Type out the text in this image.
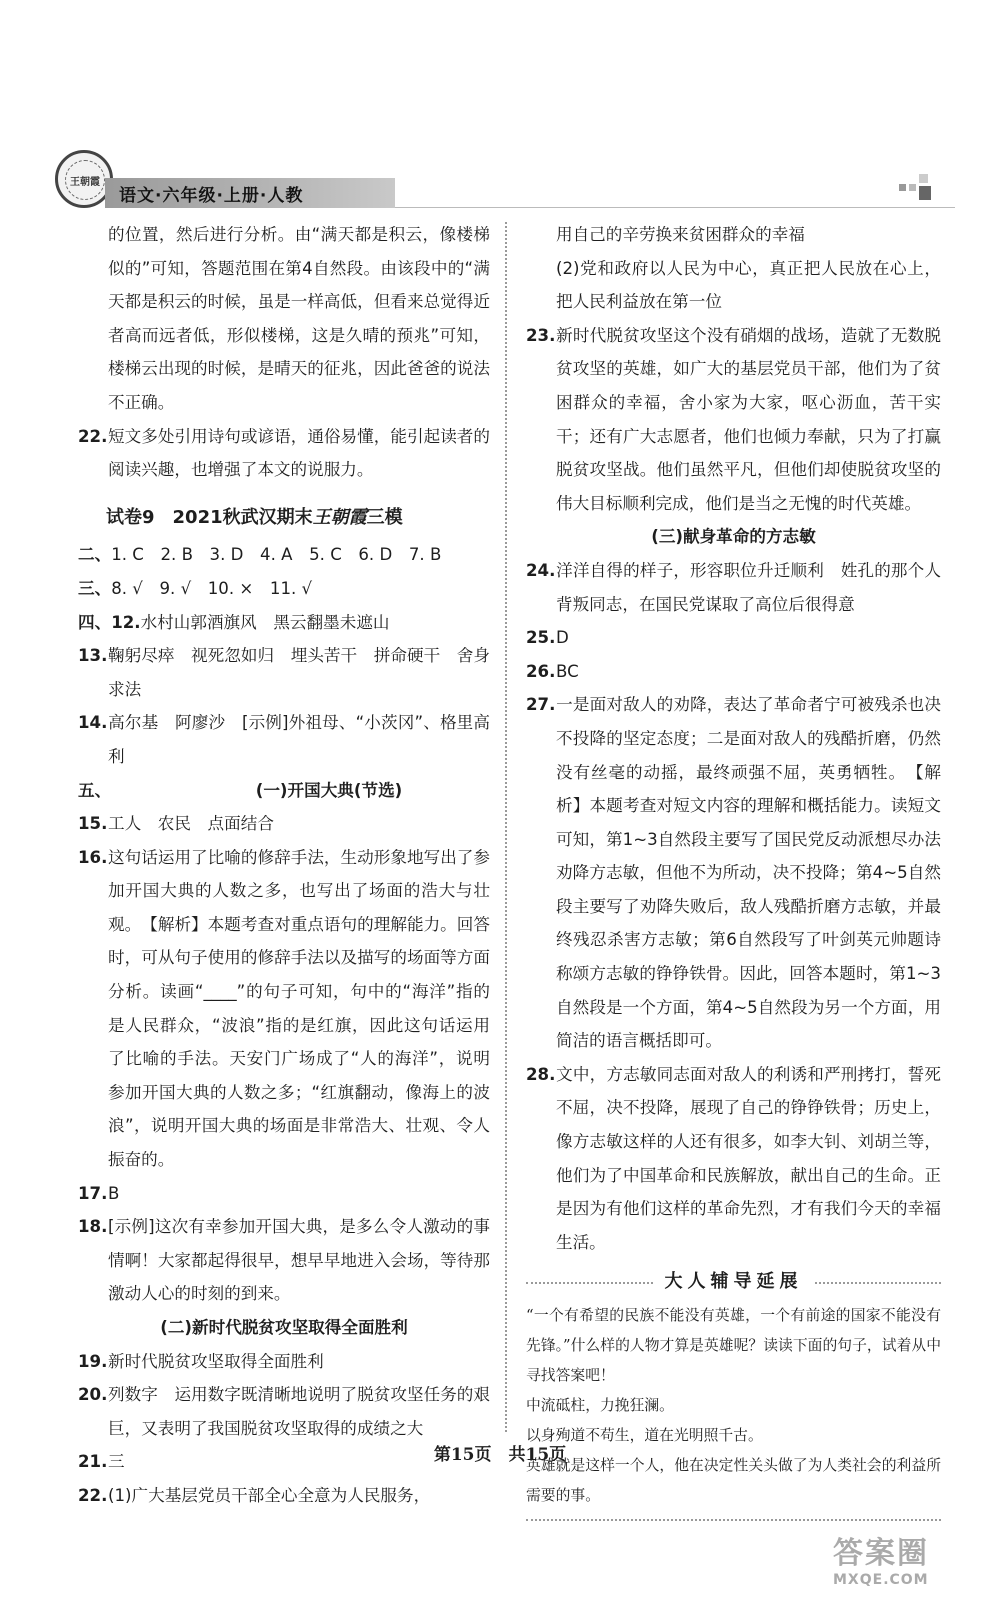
王朝霞
语文·六年级·上册·人教

的位置，然后进行分析。由“满天都是积云，像楼梯似的”可知，答题范围在第4自然段。由该段中的“满天都是积云的时候，虽是一样高低，但看来总觉得近者高而远者低，形似楼梯，这是久晴的预兆”可知，楼梯云出现的时候，是晴天的征兆，因此爸爸的说法不正确。

22.短文多处引用诗句或谚语，通俗易懂，能引起读者的阅读兴趣，也增强了本文的说服力。

试卷9　 2021秋武汉期末王朝霞三模

二、1. C　2. B　3. D　4. A　5. C　6. D　7. B

三、8. √　9. √　10. ×　11. √

四、12.水村山郭酒旗风　黑云翻墨未遮山

13.鞠躬尽瘁　视死忽如归　埋头苦干　拼命硬干　舍身求法

14.高尔基　阿廖沙　[示例]外祖母、“小茨冈”、格里高利

五、	(一)开国大典(节选)

15.工人　农民　点面结合

16.这句话运用了比喻的修辞手法，生动形象地写出了参加开国大典的人数之多，也写出了场面的浩大与壮观。　【解析】本题考查对重点语句的理解能力。回答时，可从句子使用的修辞手法以及描写的场面等方面分析。读画“____”的句子可知，句中的“海洋”指的是人民群众，“波浪”指的是红旗，因此这句话运用了比喻的手法。天安门广场成了“人的海洋”，说明参加开国大典的人数之多；“红旗翻动，像海上的波浪”，说明开国大典的场面是非常浩大、壮观、令人振奋的。

17.B

18.[示例]这次有幸参加开国大典，是多么令人激动的事情啊！大家都起得很早，想早早地进入会场，等待那激动人心的时刻的到来。

(二)新时代脱贫攻坚取得全面胜利

19.新时代脱贫攻坚取得全面胜利

20.列数字　运用数字既清晰地说明了脱贫攻坚任务的艰巨，又表明了我国脱贫攻坚取得的成绩之大

21.三

22.(1)广大基层党员干部全心全意为人民服务，

用自己的辛劳换来贫困群众的幸福

(2)党和政府以人民为中心，真正把人民放在心上，把人民利益放在第一位

23.新时代脱贫攻坚这个没有硝烟的战场，造就了无数脱贫攻坚的英雄，如广大的基层党员干部，他们为了贫困群众的幸福，舍小家为大家，呕心沥血，苦干实干；还有广大志愿者，他们也倾力奉献，只为了打赢脱贫攻坚战。他们虽然平凡，但他们却使脱贫攻坚的伟大目标顺利完成，他们是当之无愧的时代英雄。

(三)献身革命的方志敏

24.洋洋自得的样子，形容职位升迁顺利　姓孔的那个人背叛同志，在国民党谋取了高位后很得意

25.D

26.BC

27.一是面对敌人的劝降，表达了革命者宁可被残杀也决不投降的坚定态度；二是面对敌人的残酷折磨，仍然没有丝毫的动摇，最终顽强不屈，英勇牺牲。　【解析】本题考查对短文内容的理解和概括能力。读短文可知，第1~3自然段主要写了国民党反动派想尽办法劝降方志敏，但他不为所动，决不投降；第4~5自然段主要写了劝降失败后，敌人残酷折磨方志敏，并最终残忍杀害方志敏；第6自然段写了叶剑英元帅题诗称颂方志敏的铮铮铁骨。因此，回答本题时，第1~3自然段是一个方面，第4~5自然段为另一个方面，用简洁的语言概括即可。

28.文中，方志敏同志面对敌人的利诱和严刑拷打，誓死不屈，决不投降，展现了自己的铮铮铁骨；历史上，像方志敏这样的人还有很多，如李大钊、刘胡兰等，他们为了中国革命和民族解放，献出自己的生命。正是因为有他们这样的革命先烈，才有我们今天的幸福生活。

大人辅导延展

“一个有希望的民族不能没有英雄，一个有前途的国家不能没有先锋。”什么样的人物才算是英雄呢？读读下面的句子，试着从中寻找答案吧！

中流砥柱，力挽狂澜。

以身殉道不苟生，道在光明照千古。

英雄就是这样一个人，他在决定性关头做了为人类社会的利益所需要的事。

第15页　共15页
答案圈
MXQE.COM
